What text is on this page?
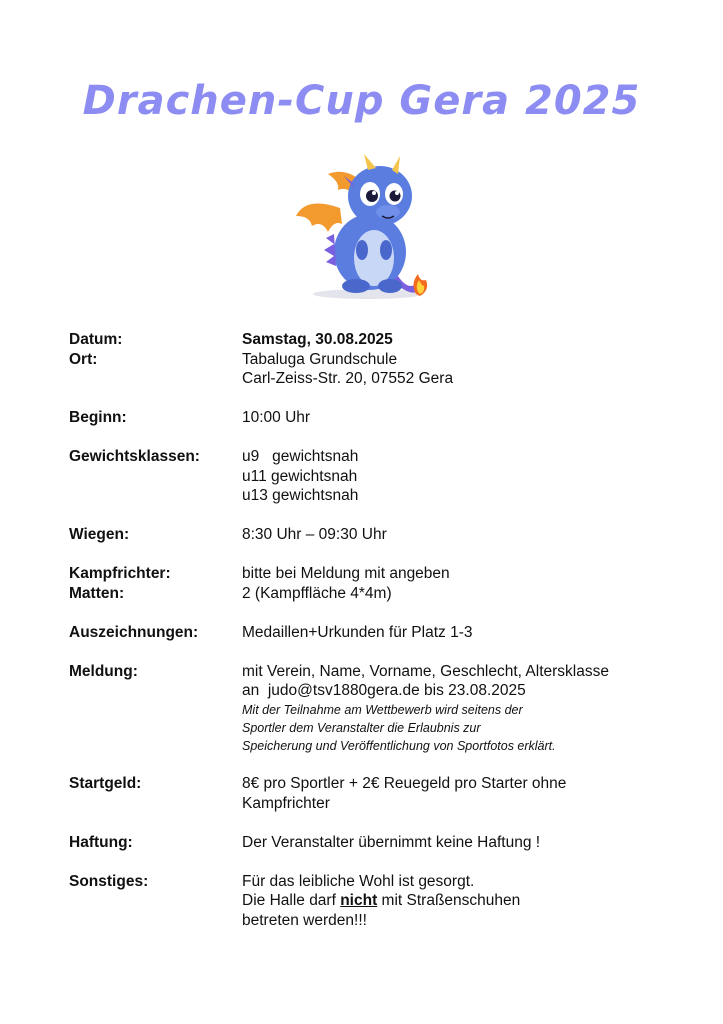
Drachen-Cup Gera 2025
Datum:	Samstag, 30.08.2025
Ort:	Tabaluga Grundschule
Carl-Zeiss-Str. 20, 07552 Gera
Beginn:	10:00 Uhr
Gewichtsklassen:	u9   gewichtsnah
u11 gewichtsnah
u13 gewichtsnah
Wiegen:	8:30 Uhr – 09:30 Uhr
Kampfrichter:	bitte bei Meldung mit angeben
Matten:	2 (Kampffläche 4*4m)
Auszeichnungen:	Medaillen+Urkunden für Platz 1-3
Meldung:	mit Verein, Name, Vorname, Geschlecht, Altersklasse
an  judo@tsv1880gera.de bis 23.08.2025
Mit der Teilnahme am Wettbewerb wird seitens der
Sportler dem Veranstalter die Erlaubnis zur
Speicherung und Veröffentlichung von Sportfotos erklärt.
Startgeld:	8€ pro Sportler + 2€ Reuegeld pro Starter ohne
Kampfrichter
Haftung:	Der Veranstalter übernimmt keine Haftung !
Sonstiges:	Für das leibliche Wohl ist gesorgt.
Die Halle darf nicht mit Straßenschuhen
betreten werden!!!
